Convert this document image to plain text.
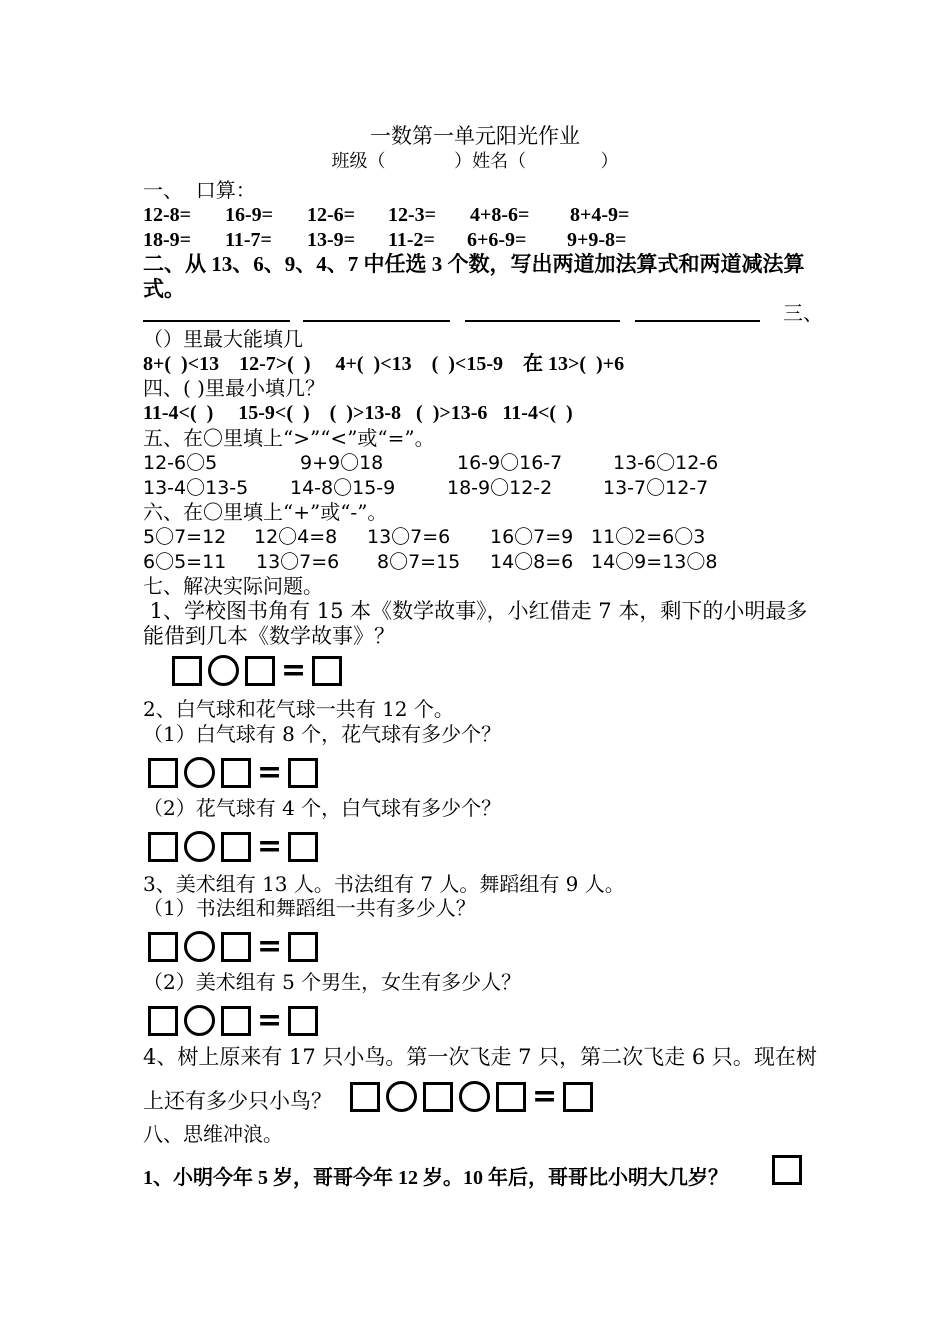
一数第一单元阳光作业
班级（            ）姓名（             ）
一、  口算：
12-8= 16-9= 12-6= 12-3= 4+8-6= 8+4-9=
18-9= 11-7= 13-9= 11-2= 6+6-9= 9+9-8=
二、从 13、6、9、4、7 中任选 3 个数，写出两道加法算式和两道减法算
式。
三、
（）里最大能填几
8+(  )<13    12-7>(  )     4+(  )<13    (  )<15-9    在 13>(  )+6
四、( )里最小填几？
11-4<(  )     15-9<(  )    (  )>13-8   (  )>13-6   11-4<(  )
五、在〇里填上“>”“<”或“=”。
12-6〇5	9+9〇18	16-9〇16-7	13-6〇12-6
13-4〇13-5 14-8〇15-9	18-9〇12-2	13-7〇12-7
六、在〇里填上“+”或“-”。
5〇7=12 12〇4=8 13〇7=6 16〇7=9 11〇2=6〇3
6〇5=11 13〇7=6 8〇7=15 14〇8=6 14〇9=13〇8
七、解决实际问题。
1、学校图书角有 15 本《数学故事》，小红借走 7 本，剩下的小明最多
能借到几本《数学故事》？
=
2、白气球和花气球一共有 12 个。
（1）白气球有 8 个，花气球有多少个？
=
（2）花气球有 4 个，白气球有多少个？
=
3、美术组有 13 人。书法组有 7 人。舞蹈组有 9 人。
（1）书法组和舞蹈组一共有多少人？
=
（2）美术组有 5 个男生，女生有多少人？
=
4、树上原来有 17 只小鸟。第一次飞走 7 只，第二次飞走 6 只。现在树
上还有多少只小鸟？	=
八、思维冲浪。
1、小明今年 5 岁，哥哥今年 12 岁。10 年后，哥哥比小明大几岁？
